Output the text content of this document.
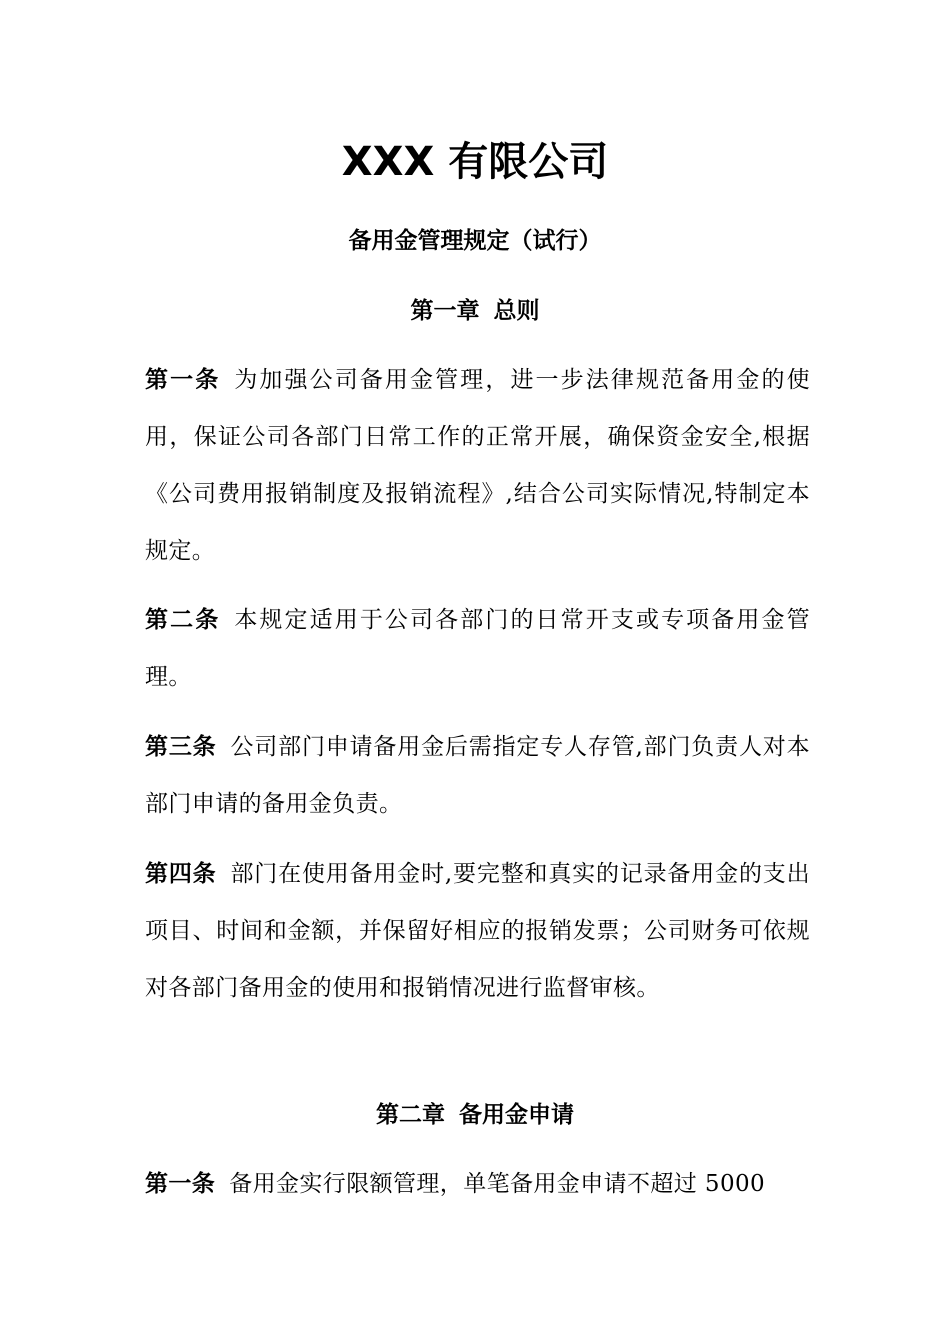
XXX 有限公司
备用金管理规定（试行）
第一章 总则
第一条 为加强公司备用金管理，进一步法律规范备用金的使用，保证公司各部门日常工作的正常开展，确保资金安全,根据《公司费用报销制度及报销流程》,结合公司实际情况,特制定本规定。
第二条 本规定适用于公司各部门的日常开支或专项备用金管理。
第三条 公司部门申请备用金后需指定专人存管,部门负责人对本部门申请的备用金负责。
第四条 部门在使用备用金时,要完整和真实的记录备用金的支出项目、时间和金额，并保留好相应的报销发票；公司财务可依规对各部门备用金的使用和报销情况进行监督审核。
第二章 备用金申请
第一条 备用金实行限额管理，单笔备用金申请不超过 5000
